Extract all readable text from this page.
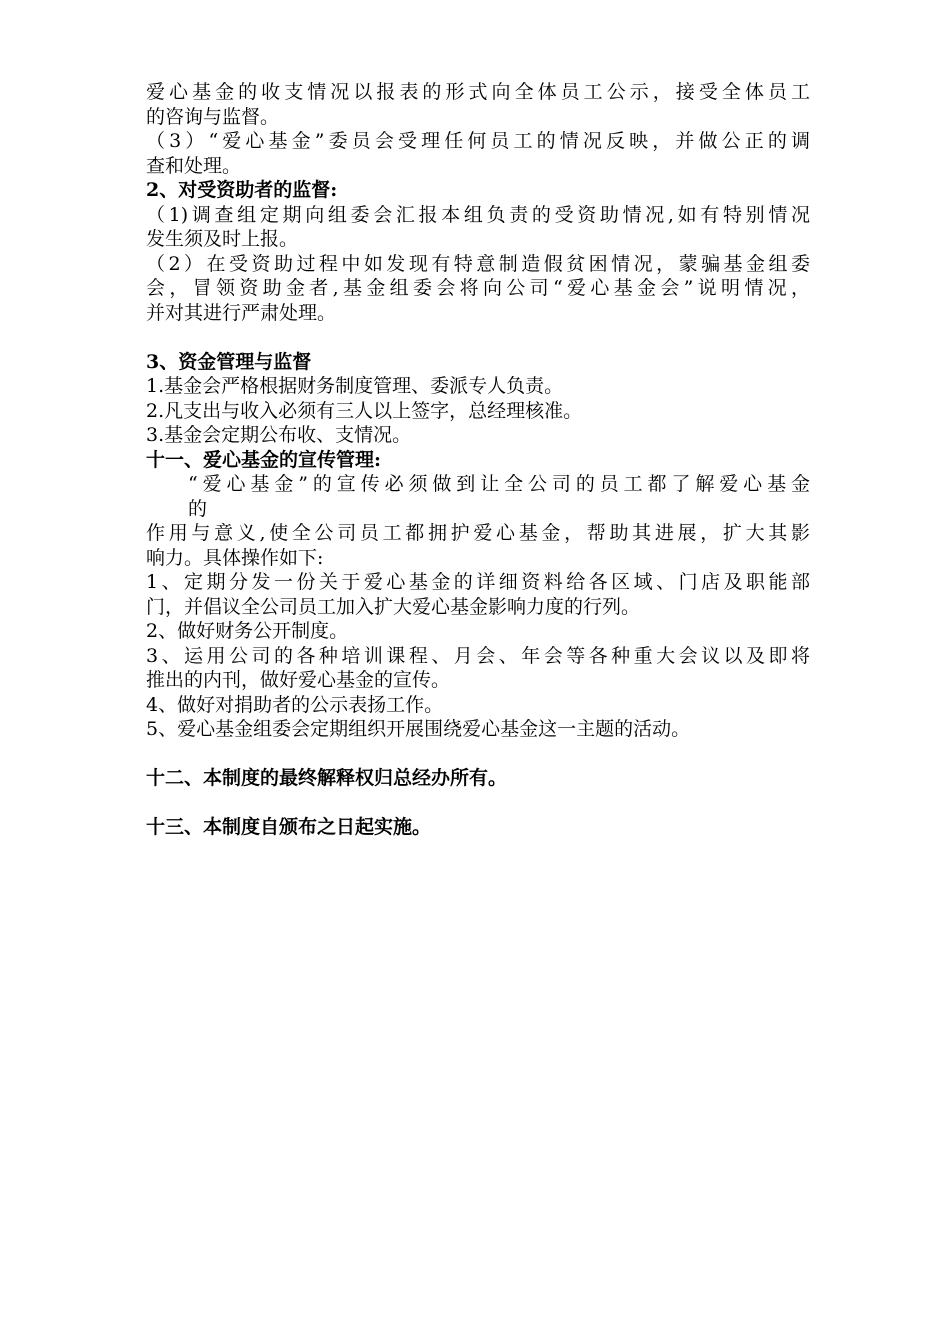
爱心基金的收支情况以报表的形式向全体员工公示，接受全体员工
的咨询与监督。
（3）“爱心基金”委员会受理任何员工的情况反映，并做公正的调
查和处理。
2、对受资助者的监督:
（1)调查组定期向组委会汇报本组负责的受资助情况,如有特别情况
发生须及时上报。
（2）在受资助过程中如发现有特意制造假贫困情况，蒙骗基金组委
会，冒领资助金者,基金组委会将向公司“爱心基金会”说明情况，
并对其进行严肃处理。
3、资金管理与监督
1.基金会严格根据财务制度管理、委派专人负责。
2.凡支出与收入必须有三人以上签字，总经理核准。
3.基金会定期公布收、支情况。
十一、爱心基金的宣传管理:
“爱心基金”的宣传必须做到让全公司的员工都了解爱心基金
的
作用与意义,使全公司员工都拥护爱心基金，帮助其进展，扩大其影
响力。具体操作如下:
1、定期分发一份关于爱心基金的详细资料给各区域、门店及职能部
门，并倡议全公司员工加入扩大爱心基金影响力度的行列。
2、做好财务公开制度。
3、运用公司的各种培训课程、月会、年会等各种重大会议以及即将
推出的内刊，做好爱心基金的宣传。
4、做好对捐助者的公示表扬工作。
5、爱心基金组委会定期组织开展围绕爱心基金这一主题的活动。
十二、本制度的最终解释权归总经办所有。
十三、本制度自颁布之日起实施。
